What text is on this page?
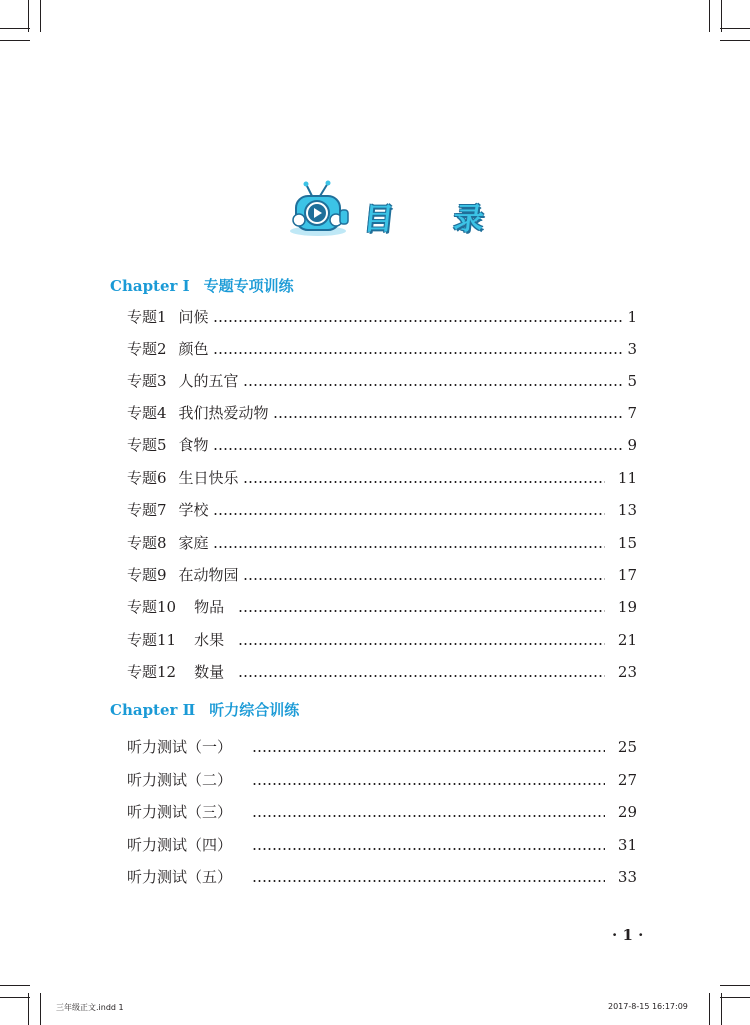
目 录
Chapter Ⅰ 专题专项训练
专题1 问候	1
专题2 颜色	3
专题3 人的五官	5
专题4 我们热爱动物	7
专题5 食物	9
专题6 生日快乐	11
专题7 学校	13
专题8 家庭	15
专题9 在动物园	17
专题10 物品	19
专题11 水果	21
专题12 数量	23
Chapter Ⅱ 听力综合训练
听力测试（一）	25
听力测试（二）	27
听力测试（三）	29
听力测试（四）	31
听力测试（五）	33
· 1 ·
三年级正文.indd 1	2017-8-15 16:17:09
